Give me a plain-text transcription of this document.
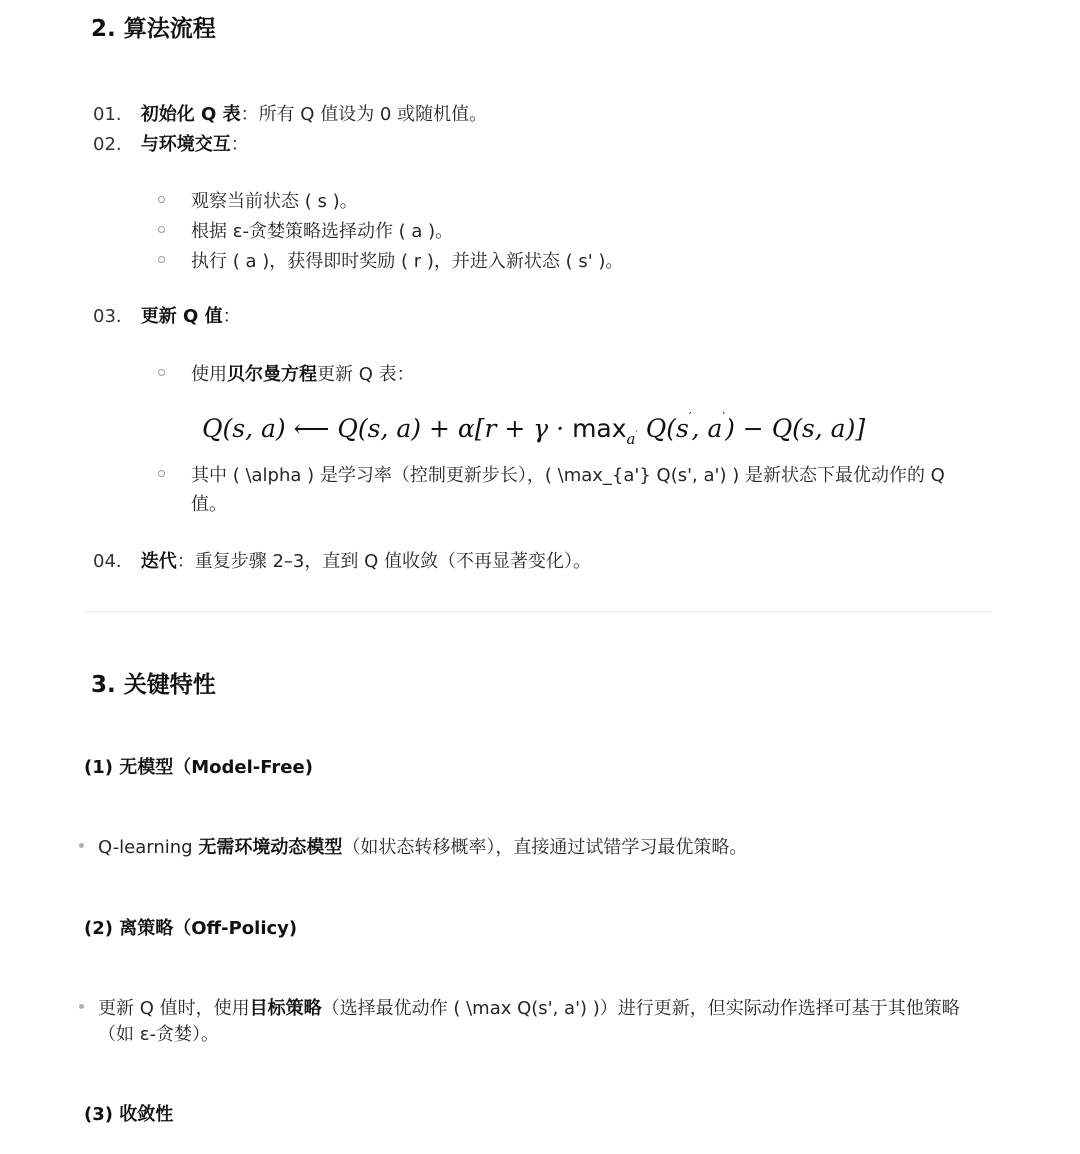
2. 算法流程
01. 初始化 Q 表：所有 Q 值设为 0 或随机值。
02. 与环境交互：
观察当前状态 ( s )。
根据 ε-贪婪策略选择动作 ( a )。
执行 ( a )，获得即时奖励 ( r )，并进入新状态 ( s' )。
03. 更新 Q 值：
使用贝尔曼方程更新 Q 表：
Q(s, a) ⟵ Q(s, $a) + \alpha[r + \gamma \cdot \max_{a'} Q(s'$, a′) − Q(s, a)]
其中 ( \alpha ) 是学习率（控制更新步长），( \max_{a'} Q(s', a') ) 是新状态下最优动作的 Q
值。
04. 迭代：重复步骤 2–3，直到 Q 值收敛（不再显著变化）。
3. 关键特性
(1) 无模型（Model-Free)
Q-learning 无需环境动态模型（如状态转移概率），直接通过试错学习最优策略。
(2) 离策略（Off-Policy)
更新 Q 值时，使用目标策略（选择最优动作 ( \max Q(s', a') )）进行更新，但实际动作选择可基于其他策略
（如 ε-贪婪）。
(3) 收敛性
